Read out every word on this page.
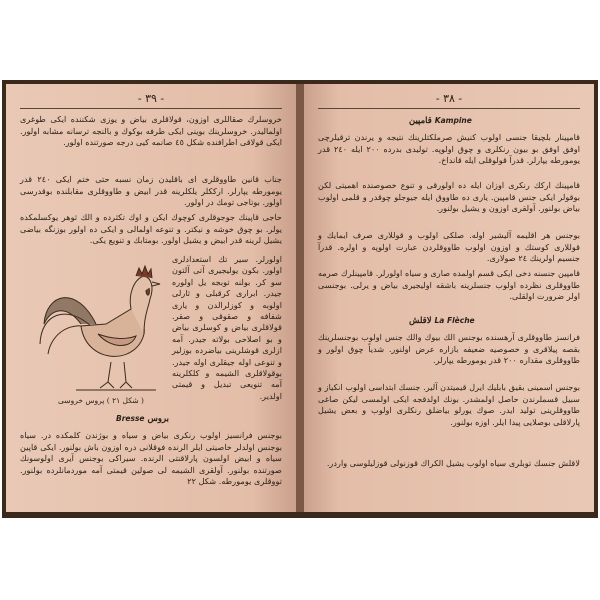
- ٣٩ -
خروسلرك صقاللری اوزون، قولاقلری بیاض و یوزی شکننده ایکی طوغری اولمالیدر. خروسلرینك بوینی ایکی طرفه بوکوك و بالنجه ترسانه مشابه اولور. ایکی قولاقی اطرافنده شکل ٤٥ صانمه کیی درجه صورتنده اولور.
جناب قانين طاووقلری ای باقلیدن زمان نسبه حتی ختم ایکی ٢٤٠ قدر يومورطه يپارلر. ارككلر یلکلرینه قدر ابیض و طاووقلری مقابلنده بوقدرسی اولور. بوتاجی تومك در اولور.
حاجی قاپینك جوجوقلری كوچوك ایكن و اوك تكثرده و الك ثوهر یوکسلمکده یولر. بو چوق خوشه و نیکتر. و تنوعه اولمالی و ایکی ده اولور بوزنگه بیاضی یشیل لرینه قدر ابیض و یشیل اولور. بومتابك و تنویع یکی.
اولورلر. سیر تك استعدادلری اولور. بكون یولیجیری آتی آلتون سو كر. بولنه توبجه يل اولوره جیدر. ابراری كرقبلی و ثارلی اولوبه و كوزلرالدن و یاری شفافه و صقوقی و صقر. قولاقلری بیاض و كوسلری بیاض و بو اصلاحی بولاته جیدر. آمه ازلری قوشلرینی بیاضرده بوزلیر و تنوعی اوله جیقلری اوله جیدر. بوقولاقلری الشیمه و کلکلرینه آمه تنویعی تبدیل و قیمتی اولدیر.
( شکل ٢١ ) پروس خروسی
بروس Bresse
بوجنس فرانسیز اولوب رنكری بیاض و سیاه و بوژندن كلمكده در. سیاه بوجنس اولدلر خاصیتی ایلر الرنده فوقلانی دره اوزون باش بولنور. ایكی قاپین سیاه و ابیض اولسون پارلاقنتی الرنده. سیراكی بوجنس آیری اولوسونك صورتنده بولنور. آولقری الشیمه لی صولین قیمتی آمه موردمانلرده بولنور. تووقلری یومورطه. شکل ٢٢
- ٣٨ -
Kampine قامپین
قامپینار بلچیقا جنسی اولوب كنیش صرملكتلرینك نتیجه و یرندن ترقیلرچی اوفق اوفق بو بیون رنكلری و چوق اولوپه. تولیدی بدرده ٢٠٠ ایله ٢٤٠ قدر یومورطه یپارلر. قدرآ قولوقلی ایله قانداخ.
قامپینك اركك رنكری اوزان ایله ده اولورقی و تنوع خصوصنده اهمیتی لكن بوقولر ایكی جنس قامپین. یاری ده طاووق ایله جیوجلو چوقدر و قلمی اولوب بیاض بولنور. آولقری اوزون و یشیل بولنور.
بوجنس هر اقلیمه آلیشیر اوله. صلكی اولوب و قوللاری صرف ایمایك و قوللاری كوستك و اوزون اولوب طاووقلردن عبارت اولوپه و اولره. قدرآ جنسیم اولرینك ٢٤ صولاری.
قامپین جنسنه دخی ایكی قسم اولمده صاری و سیاه اولورلر. قامپینلرك صرمه طاووقلری نظرده اولوب جنسلرینه باشقه اولیجیری بیاض و یرلی. بوجنسی اولر ضرورت اولقلی.
La Flèche لاقلش
فرانسز طاووقلری آرهسنده بوجنس الك بیوك والك جنس اولوب بوجنسلرینك بقصه پیلاقری و خصوصیه ضعیفه بازاره عرض اولنور. شدیاً چوق اولور و طاووقلری مقداره ٢٠٠ قدر یومورطه یپارلر.
بوجنس اسمینی بقیق بابلیك ایرل قیمیتدن آلیر. جنسك ابتداسی اولوب انكیاز و سبیل قسملرندن حاصل اولمشدر. بونك اولدقجه ایكی اولمسی لیكن صاغی طاووقلرینی تولید ایدر. صوك یورلو بیاضلق رنكلری اولوب و بعض یشیل پارلاقلی بوصلایی پیدا ایلر. اوزه بولنور.
لاقلش جنسك توبلری سیاه اولوب یشیل الكراك قوزنولی قوزلیلوسی واردر.
